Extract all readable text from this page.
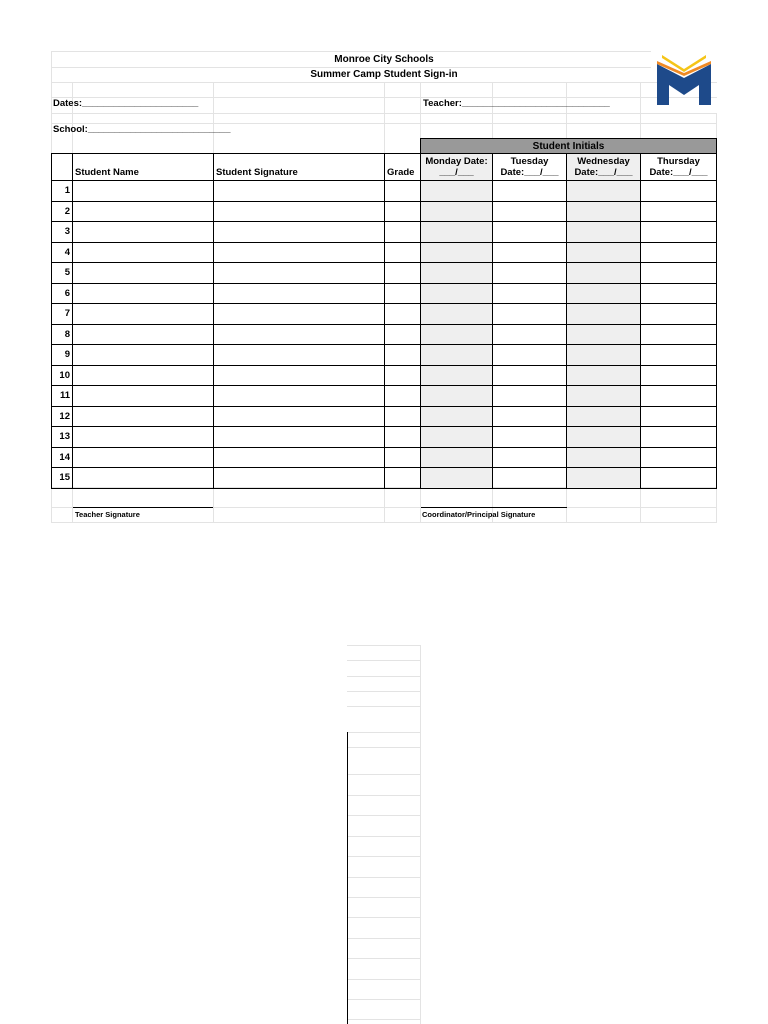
Monroe City Schools
Summer Camp Student Sign-in
Dates:______________________	Teacher:____________________________
School:___________________________
Teacher Signature	Coordinator/Principal Signature
				Student Initials			
	Student Name	Student Signature	Grade	Monday Date: ___/___	Tuesday Date:___/___	Wednesday Date:___/___	Thursday Date:___/___
1							
2							
3							
4							
5							
6							
7							
8							
9							
10							
11							
12							
13							
14							
15							
